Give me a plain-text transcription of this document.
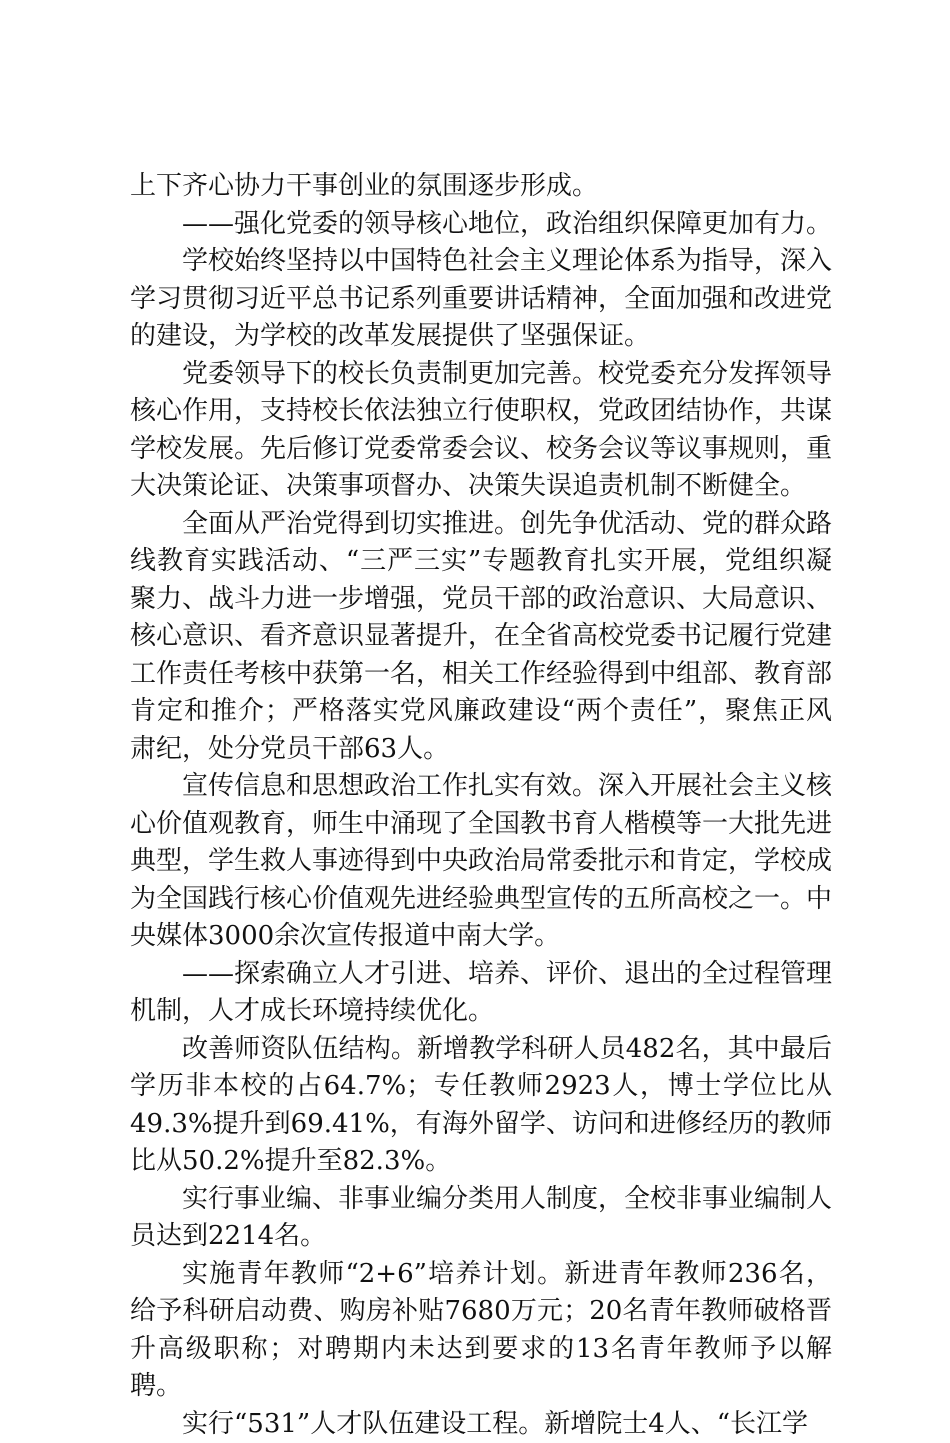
上下齐心协力干事创业的氛围逐步形成。

——强化党委的领导核心地位，政治组织保障更加有力。

学校始终坚持以中国特色社会主义理论体系为指导，深入学习贯彻习近平总书记系列重要讲话精神，全面加强和改进党的建设，为学校的改革发展提供了坚强保证。

党委领导下的校长负责制更加完善。校党委充分发挥领导核心作用，支持校长依法独立行使职权，党政团结协作，共谋学校发展。先后修订党委常委会议、校务会议等议事规则，重大决策论证、决策事项督办、决策失误追责机制不断健全。

全面从严治党得到切实推进。创先争优活动、党的群众路线教育实践活动、“三严三实”专题教育扎实开展，党组织凝聚力、战斗力进一步增强，党员干部的政治意识、大局意识、核心意识、看齐意识显著提升，在全省高校党委书记履行党建工作责任考核中获第一名，相关工作经验得到中组部、教育部肯定和推介；严格落实党风廉政建设“两个责任”，聚焦正风肃纪，处分党员干部63人。

宣传信息和思想政治工作扎实有效。深入开展社会主义核心价值观教育，师生中涌现了全国教书育人楷模等一大批先进典型，学生救人事迹得到中央政治局常委批示和肯定，学校成为全国践行核心价值观先进经验典型宣传的五所高校之一。中央媒体3000余次宣传报道中南大学。

——探索确立人才引进、培养、评价、退出的全过程管理机制，人才成长环境持续优化。

改善师资队伍结构。新增教学科研人员482名，其中最后学历非本校的占64.7%；专任教师2923人，博士学位比从49.3%提升到69.41%，有海外留学、访问和进修经历的教师比从50.2%提升至82.3%。

实行事业编、非事业编分类用人制度，全校非事业编制人员达到2214名。

实施青年教师“2+6”培养计划。新进青年教师236名，给予科研启动费、购房补贴7680万元；20名青年教师破格晋升高级职称；对聘期内未达到要求的13名青年教师予以解聘。

实行“531”人才队伍建设工程。新增院士4人、“长江学
